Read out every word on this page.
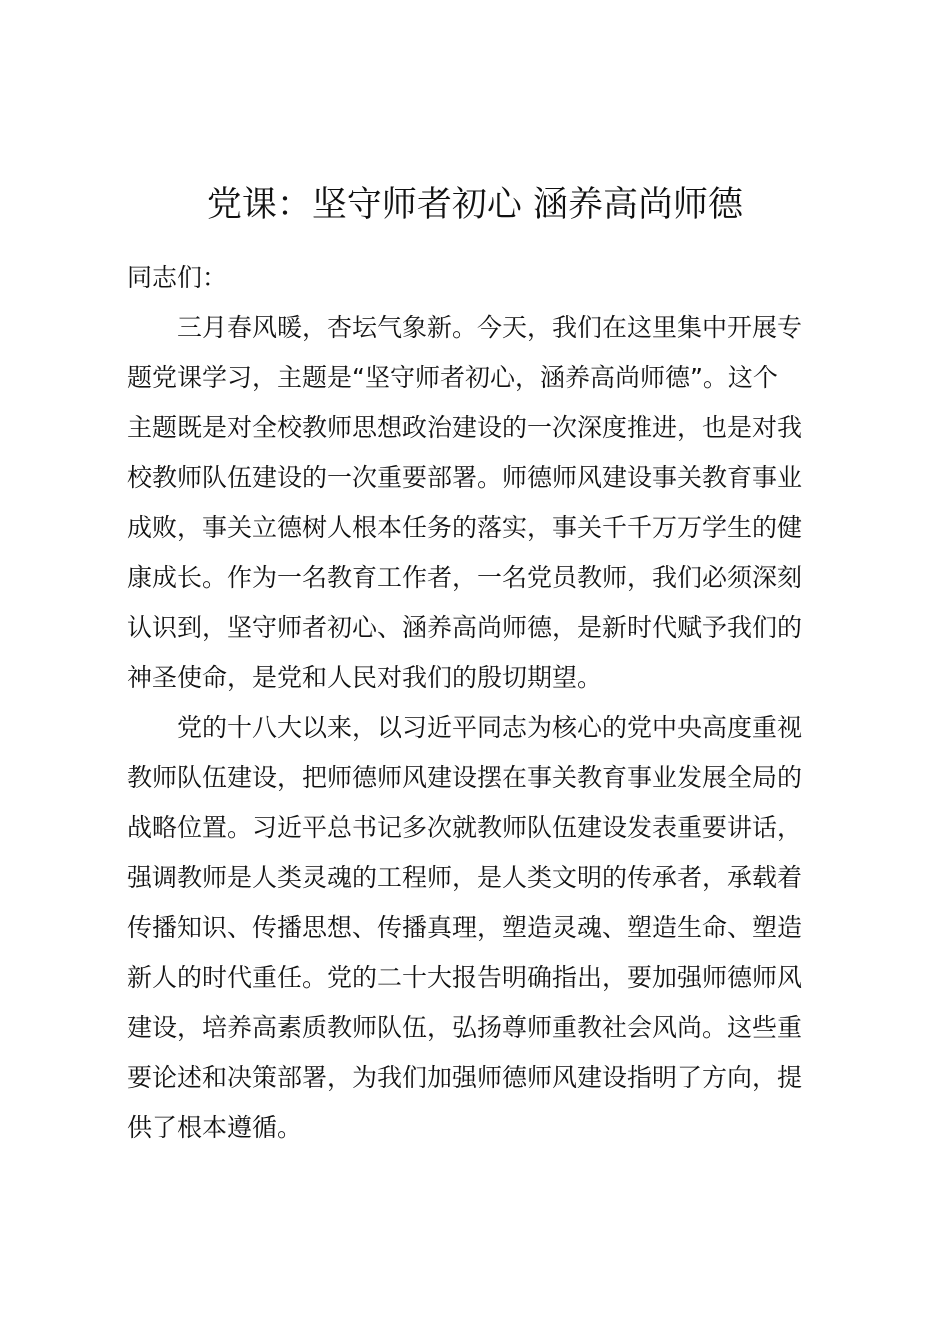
党课：坚守师者初心 涵养高尚师德
同志们：
三月春风暖，杏坛气象新。今天，我们在这里集中开展专
题党课学习，主题是“坚守师者初心，涵养高尚师德”。这个
主题既是对全校教师思想政治建设的一次深度推进，也是对我
校教师队伍建设的一次重要部署。师德师风建设事关教育事业
成败，事关立德树人根本任务的落实，事关千千万万学生的健
康成长。作为一名教育工作者，一名党员教师，我们必须深刻
认识到，坚守师者初心、涵养高尚师德，是新时代赋予我们的
神圣使命，是党和人民对我们的殷切期望。
党的十八大以来，以习近平同志为核心的党中央高度重视
教师队伍建设，把师德师风建设摆在事关教育事业发展全局的
战略位置。习近平总书记多次就教师队伍建设发表重要讲话，
强调教师是人类灵魂的工程师，是人类文明的传承者，承载着
传播知识、传播思想、传播真理，塑造灵魂、塑造生命、塑造
新人的时代重任。党的二十大报告明确指出，要加强师德师风
建设，培养高素质教师队伍，弘扬尊师重教社会风尚。这些重
要论述和决策部署，为我们加强师德师风建设指明了方向，提
供了根本遵循。
